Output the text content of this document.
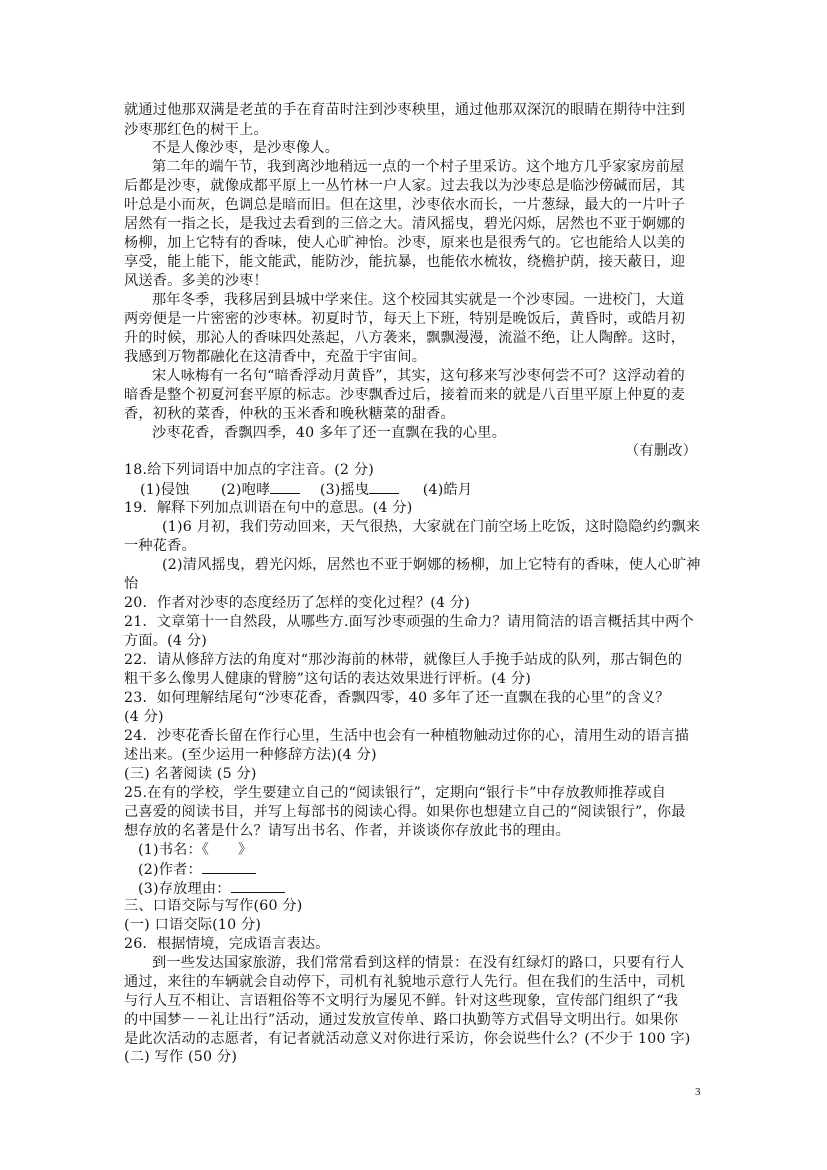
就通过他那双满是老茧的手在育苗时注到沙枣秧里，通过他那双深沉的眼睛在期待中注到
沙枣那红色的树干上。
不是人像沙枣，是沙枣像人。
第二年的端午节，我到离沙地稍远一点的一个村子里采访。这个地方几乎家家房前屋
后都是沙枣，就像成都平原上一丛竹林一户人家。过去我以为沙枣总是临沙傍碱而居，其
叶总是小而灰，色调总是暗而旧。但在这里，沙枣依水而长，一片葱绿，最大的一片叶子
居然有一指之长，是我过去看到的三倍之大。清风摇曳，碧光闪烁，居然也不亚于婀娜的
杨柳，加上它特有的香味，使人心旷神怡。沙枣，原来也是很秀气的。它也能给人以美的
享受，能上能下，能文能武，能防沙，能抗暴，也能依水梳妆，绕檐护荫，接天蔽日，迎
风送香。多美的沙枣！
那年冬季，我移居到县城中学来住。这个校园其实就是一个沙枣园。一进校门，大道
两旁便是一片密密的沙枣林。初夏时节，每天上下班，特别是晚饭后，黄昏时，或皓月初
升的时候，那沁人的香味四处蒸起，八方袭来，飘飘漫漫，流溢不绝，让人陶醉。这时，
我感到万物都融化在这清香中，充盈于宇宙间。
宋人咏梅有一名句“暗香浮动月黄昏”，其实，这句移来写沙枣何尝不可？这浮动着的
暗香是整个初夏河套平原的标志。沙枣飘香过后，接着而来的就是八百里平原上仲夏的麦
香，初秋的菜香，仲秋的玉米香和晚秋糖菜的甜香。
沙枣花香，香飘四季，40 多年了还一直飘在我的心里。
（有删改）
18.给下列词语中加点的字注音。(2 分)
(1)侵蚀 (2)咆哮	(3)摇曳	(4)皓月
19．解释下列加点训语在句中的意思。(4 分)
(1)6 月初，我们劳动回来，天气很热，大家就在门前空场上吃饭，这时隐隐约约飘来
一种花香。
(2)清风摇曳，碧光闪烁，居然也不亚于婀娜的杨柳，加上它特有的香味，使人心旷神
怡
20．作者对沙枣的态度经历了怎样的变化过程？(4 分)
21．文章第十一自然段，从哪些方.面写沙枣顽强的生命力？请用简洁的语言概括其中两个
方面。(4 分)
22．请从修辞方法的角度对“那沙海前的林带，就像巨人手挽手站成的队列，那古铜色的
粗干多么像男人健康的臂膀”这句话的表达效果进行评析。(4 分)
23．如何理解结尾句“沙枣花香，香飘四零，40 多年了还一直飘在我的心里”的含义？
(4 分)
24．沙枣花香长留在作行心里，生活中也会有一种植物触动过你的心，清用生动的语言描
述出来。(至少运用一种修辞方法)(4 分)
(三) 名著阅读 (5 分)
25.在有的学校，学生要建立自己的“阅读银行”，定期向“银行卡”中存放教师推荐或自
己喜爱的阅读书目，并写上每部书的阅读心得。如果你也想建立自己的“阅读银行”，你最
想存放的名著是什么？请写出书名、作者，并谈谈你存放此书的理由。
(1)书名：《　　》
(2)作者：
(3)存放理由：
三、口语交际与写作(60 分)
(一) 口语交际(10 分)
26．根据情境，完成语言表达。
到一些发达国家旅游，我们常常看到这样的情景：在没有红绿灯的路口，只要有行人
通过，来往的车辆就会自动停下，司机有礼貌地示意行人先行。但在我们的生活中，司机
与行人互不相让、言语粗俗等不文明行为屡见不鲜。针对这些现象，宣传部门组织了“我
的中国梦－－礼让出行”活动，通过发放宣传单、路口执勤等方式倡导文明出行。如果你
是此次活动的志愿者，有记者就活动意义对你进行采访，你会说些什么？(不少于 100 字)
(二) 写作 (50 分)
3
